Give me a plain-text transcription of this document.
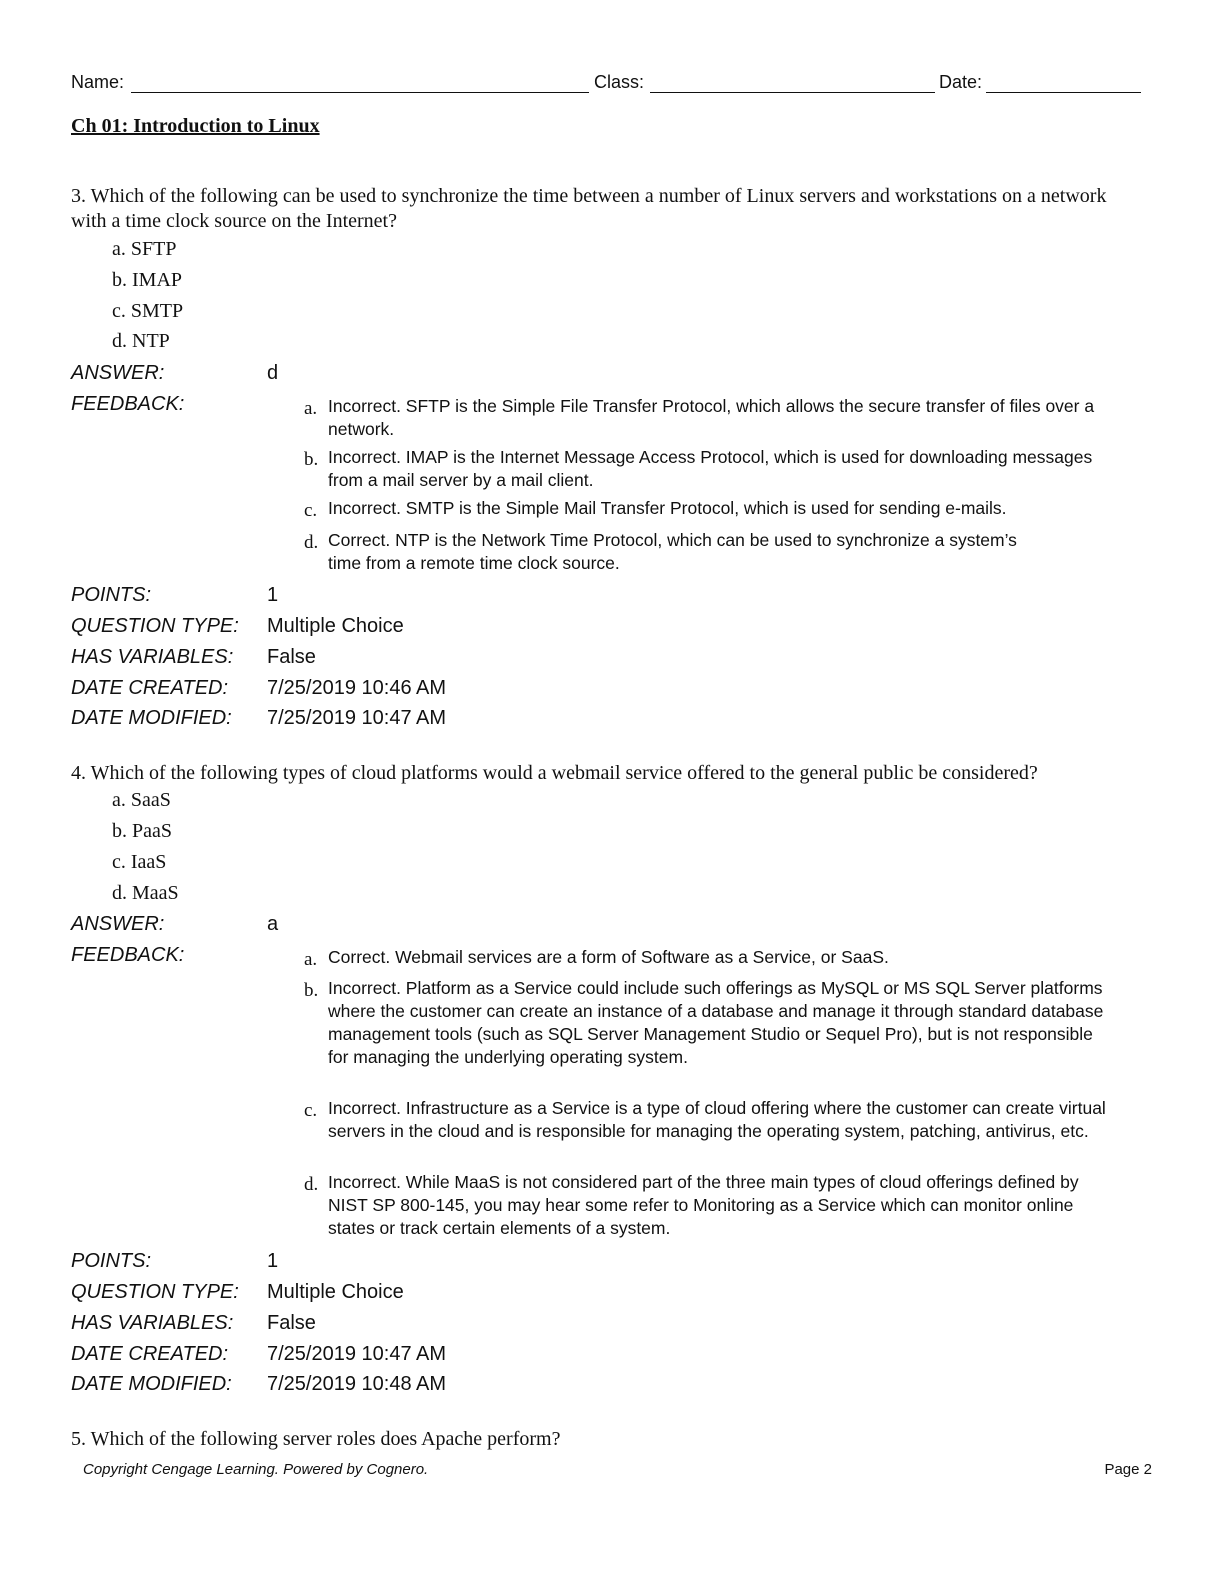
Name:	Class:	Date:
Ch 01: Introduction to Linux
3. Which of the following can be used to synchronize the time between a number of Linux servers and workstations on a network with a time clock source on the Internet?
a. SFTP
b. IMAP
c. SMTP
d. NTP
ANSWER:	d
FEEDBACK:	a. Incorrect. SFTP is the Simple File Transfer Protocol, which allows the secure transfer of files over a network.
b. Incorrect. IMAP is the Internet Message Access Protocol, which is used for downloading messages from a mail server by a mail client.
c. Incorrect. SMTP is the Simple Mail Transfer Protocol, which is used for sending e-mails.
d. Correct. NTP is the Network Time Protocol, which can be used to synchronize a system’s time from a remote time clock source.
POINTS:	1
QUESTION TYPE: Multiple Choice
HAS VARIABLES: False
DATE CREATED: 7/25/2019 10:46 AM
DATE MODIFIED: 7/25/2019 10:47 AM
4. Which of the following types of cloud platforms would a webmail service offered to the general public be considered?
a. SaaS
b. PaaS
c. IaaS
d. MaaS
ANSWER:	a
FEEDBACK:	a. Correct. Webmail services are a form of Software as a Service, or SaaS.
b. Incorrect. Platform as a Service could include such offerings as MySQL or MS SQL Server platforms where the customer can create an instance of a database and manage it through standard database management tools (such as SQL Server Management Studio or Sequel Pro), but is not responsible for managing the underlying operating system.
c. Incorrect. Infrastructure as a Service is a type of cloud offering where the customer can create virtual servers in the cloud and is responsible for managing the operating system, patching, antivirus, etc.
d. Incorrect. While MaaS is not considered part of the three main types of cloud offerings defined by NIST SP 800-145, you may hear some refer to Monitoring as a Service which can monitor online states or track certain elements of a system.
POINTS:	1
QUESTION TYPE: Multiple Choice
HAS VARIABLES: False
DATE CREATED: 7/25/2019 10:47 AM
DATE MODIFIED: 7/25/2019 10:48 AM
5. Which of the following server roles does Apache perform?
Copyright Cengage Learning. Powered by Cognero.	Page 2
